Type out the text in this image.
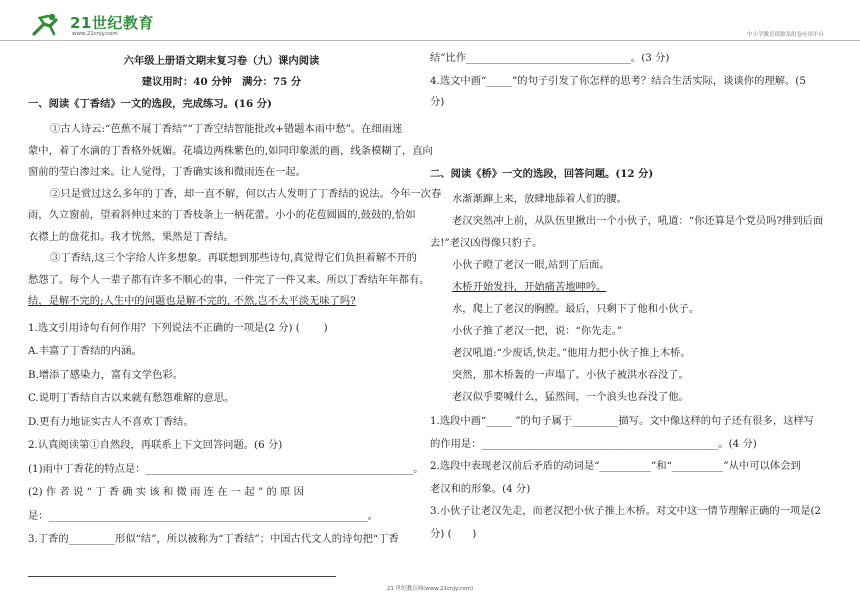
21世纪教育
www.21cnjy.com	中小学教育资源及组卷应用平台
六年级上册语文期末复习卷（九）课内阅读
建议用时：40 分钟　满分：75 分
一、阅读《丁香结》一文的选段，完成练习。(16 分)
①古人诗云:“芭蕉不展丁香结”“丁香空结智能批改+错题本雨中愁”。在细雨迷
蒙中，着了水滴的丁香格外妩媚。花墙边两株紫色的,如同印象派的画，线条模糊了，直向
窗前的莹白渗过来。让人觉得，丁香确实该和微雨连在一起。
②只是赏过这么多年的丁香，却一直不解，何以古人发明了丁香结的说法。今年一次春
雨，久立窗前，望着斜伸过来的丁香枝条上一柄花蕾。小小的花苞圆圆的,鼓鼓的,恰如
衣襟上的盘花扣。我才恍然，果然是丁香结。
③丁香结,这三个字给人许多想象。再联想到那些诗句,真觉得它们负担着解不开的
愁怨了。每个人一辈子都有许多不顺心的事，一件完了一件又来。所以丁香结年年都有。
结，是解不完的;人生中的问题也是解不完的, 不然,岂不太平淡无味了吗?
1.选文引用诗句有何作用？下列说法不正确的一项是(2 分) (　　 )
A.丰富了丁香结的内涵。
B.增添了感染力，富有文学色彩。
C.说明丁香结自古以来就有愁怨难解的意思。
D.更有力地证实古人不喜欢丁香结。
2.认真阅读第①自然段，再联系上下文回答问题。(6 分)
(1)雨中丁香花的特点是：____________________________________________________。
(2) 作 者 说 “ 丁 香 确 实 该 和 微 雨 连 在 一 起 ” 的 原 因
是：______________________________________________________________。
3.丁香的_________形似“结”，所以被称为“丁香结”；中国古代文人的诗句把“丁香
结”比作________________________________。(3 分)
4.选文中画“_____”的句子引发了你怎样的思考？结合生活实际，谈谈你的理解。(5
分)
二、阅读《桥》一文的选段，回答问题。(12 分)
水渐渐蹿上来，放肆地舔着人们的腰。
老汉突然冲上前，从队伍里揪出一个小伙子，吼道：“你还算是个党员吗?排到后面
去!”老汉凶得像只豹子。
小伙子瞪了老汉一眼,站到了后面。
木桥开始发抖，开始痛苦地呻吟。
水，爬上了老汉的胸膛。最后，只剩下了他和小伙子。
小伙子推了老汉一把，说：“你先走。”
老汉吼道:“少废话,快走。”他用力把小伙子推上木桥。
突然，那木桥轰的一声塌了。小伙子被洪水吞没了。
老汉似乎要喊什么，猛然间，一个浪头也吞没了他。
1.选段中画“_____ ”的句子属于_________描写。文中像这样的句子还有很多，这样写
的作用是：______________________________________________。(4 分)
2.选段中表现老汉前后矛盾的动词是“__________”和“__________”从中可以体会到
老汉和的形象。(4 分)
3.小伙子让老汉先走，而老汉把小伙子推上木桥。对文中这一情节理解正确的一项是(2
分) (　　)
21 世纪教育网(www.21cnjy.com)
